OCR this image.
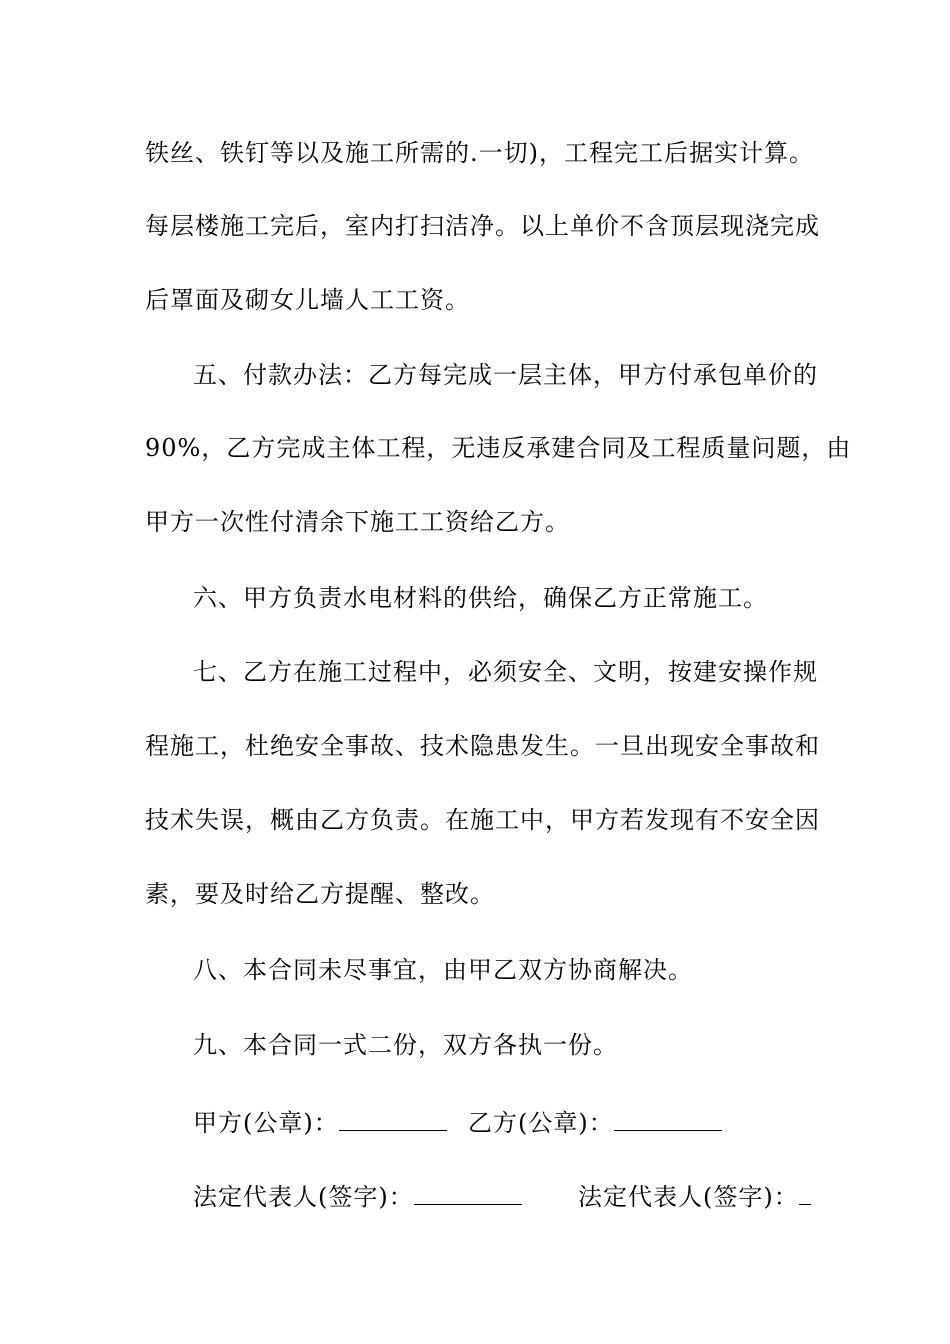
铁丝、铁钉等以及施工所需的.一切)，工程完工后据实计算。
每层楼施工完后，室内打扫洁净。以上单价不含顶层现浇完成
后罩面及砌女儿墙人工工资。
五、付款办法：乙方每完成一层主体，甲方付承包单价的
90%，乙方完成主体工程，无违反承建合同及工程质量问题，由
甲方一次性付清余下施工工资给乙方。
六、甲方负责水电材料的供给，确保乙方正常施工。
七、乙方在施工过程中，必须安全、文明，按建安操作规
程施工，杜绝安全事故、技术隐患发生。一旦出现安全事故和
技术失误，概由乙方负责。在施工中，甲方若发现有不安全因
素，要及时给乙方提醒、整改。
八、本合同未尽事宜，由甲乙双方协商解决。
九、本合同一式二份，双方各执一份。
甲方(公章)：	乙方(公章)：
法定代表人(签字)：	法定代表人(签字)：
